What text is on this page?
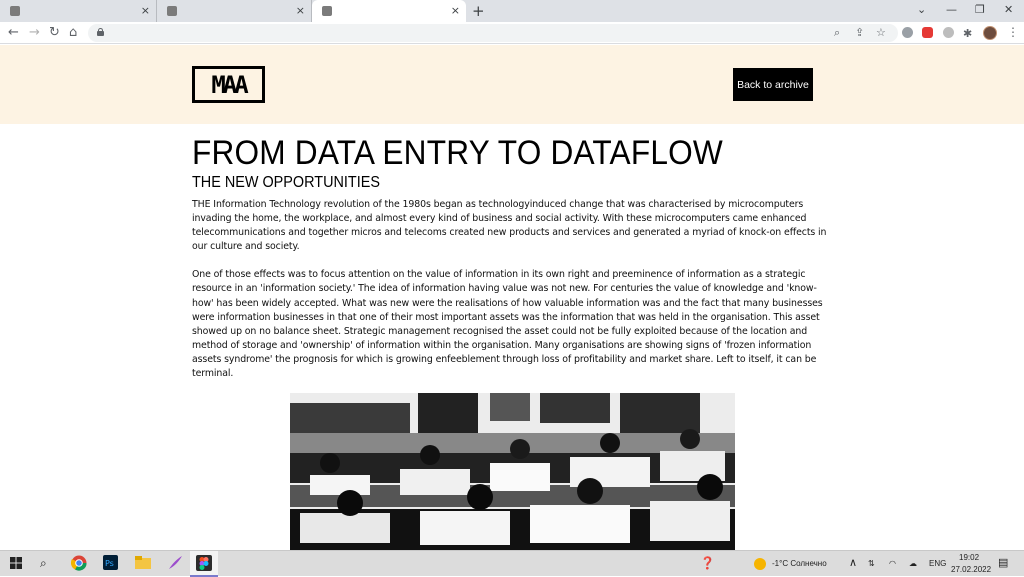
×	×	× +	⌄ — ❐ ✕
← → ↻ ⌂	⌕ ⇪ ☆	✱	⋮
MAA	Back to archive
FROM DATA ENTRY TO DATAFLOW
THE NEW OPPORTUNITIES

THE Information Technology revolution of the 1980s began as technologyinduced change that was characterised by microcomputers invading the home, the workplace, and almost every kind of business and social activity. With these microcomputers came enhanced telecommunications and together micros and telecoms created new products and services and generated a myriad of knock-on effects in our culture and society.

One of those effects was to focus attention on the value of information in its own right and preeminence of information as a strategic resource in an 'information society.' The idea of information having value was not new. For centuries the value of knowledge and 'know-how' has been widely accepted. What was new were the realisations of how valuable information was and the fact that many businesses were information businesses in that one of their most important assets was the information that was held in the organisation. This asset showed up on no balance sheet. Strategic management recognised the asset could not be fully exploited because of the location and method of storage and 'ownership' of information within the organisation. Many organisations are showing signs of 'frozen information assets syndrome' the prognosis for which is growing enfeeblement through loss of profitability and market share. Left to itself, it can be terminal.

⌕	Ps	❓	-1°C Солнечно ∧ ⇅ ◠ ☁ ENG
19:02
27.02.2022
▤
